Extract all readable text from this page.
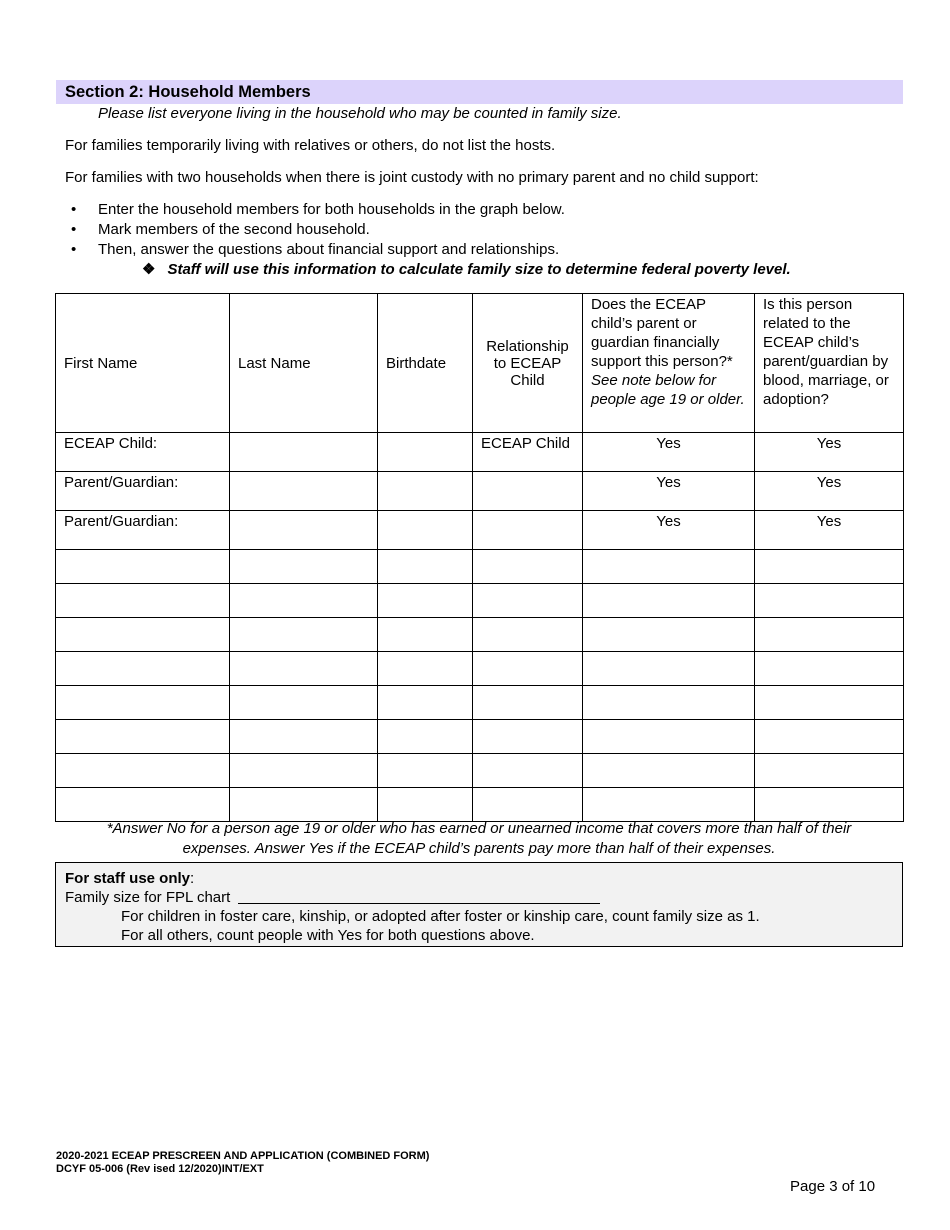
Section 2: Household Members
Please list everyone living in the household who may be counted in family size.
For families temporarily living with relatives or others, do not list the hosts.
For families with two households when there is joint custody with no primary parent and no child support:
• Enter the household members for both households in the graph below.
• Mark members of the second household.
• Then, answer the questions about financial support and relationships.
❖ Staff will use this information to calculate family size to determine federal poverty level.
First Name	Last Name	Birthdate	Relationship to ECEAP Child	Does the ECEAP child’s parent or guardian financially support this person?* See note below for people age 19 or older.	Is this person related to the ECEAP child’s parent/guardian by blood, marriage, or adoption?
ECEAP Child:			ECEAP Child	Yes	Yes
Parent/Guardian:				Yes	Yes
Parent/Guardian:				Yes	Yes

*Answer No for a person age 19 or older who has earned or unearned income that covers more than half of their
expenses. Answer Yes if the ECEAP child’s parents pay more than half of their expenses.
For staff use only:
Family size for FPL chart
For children in foster care, kinship, or adopted after foster or kinship care, count family size as 1.
For all others, count people with Yes for both questions above.
2020-2021 ECEAP PRESCREEN AND APPLICATION (COMBINED FORM)
DCYF 05-006 (Rev ised 12/2020)INT/EXT
Page 3 of 10
